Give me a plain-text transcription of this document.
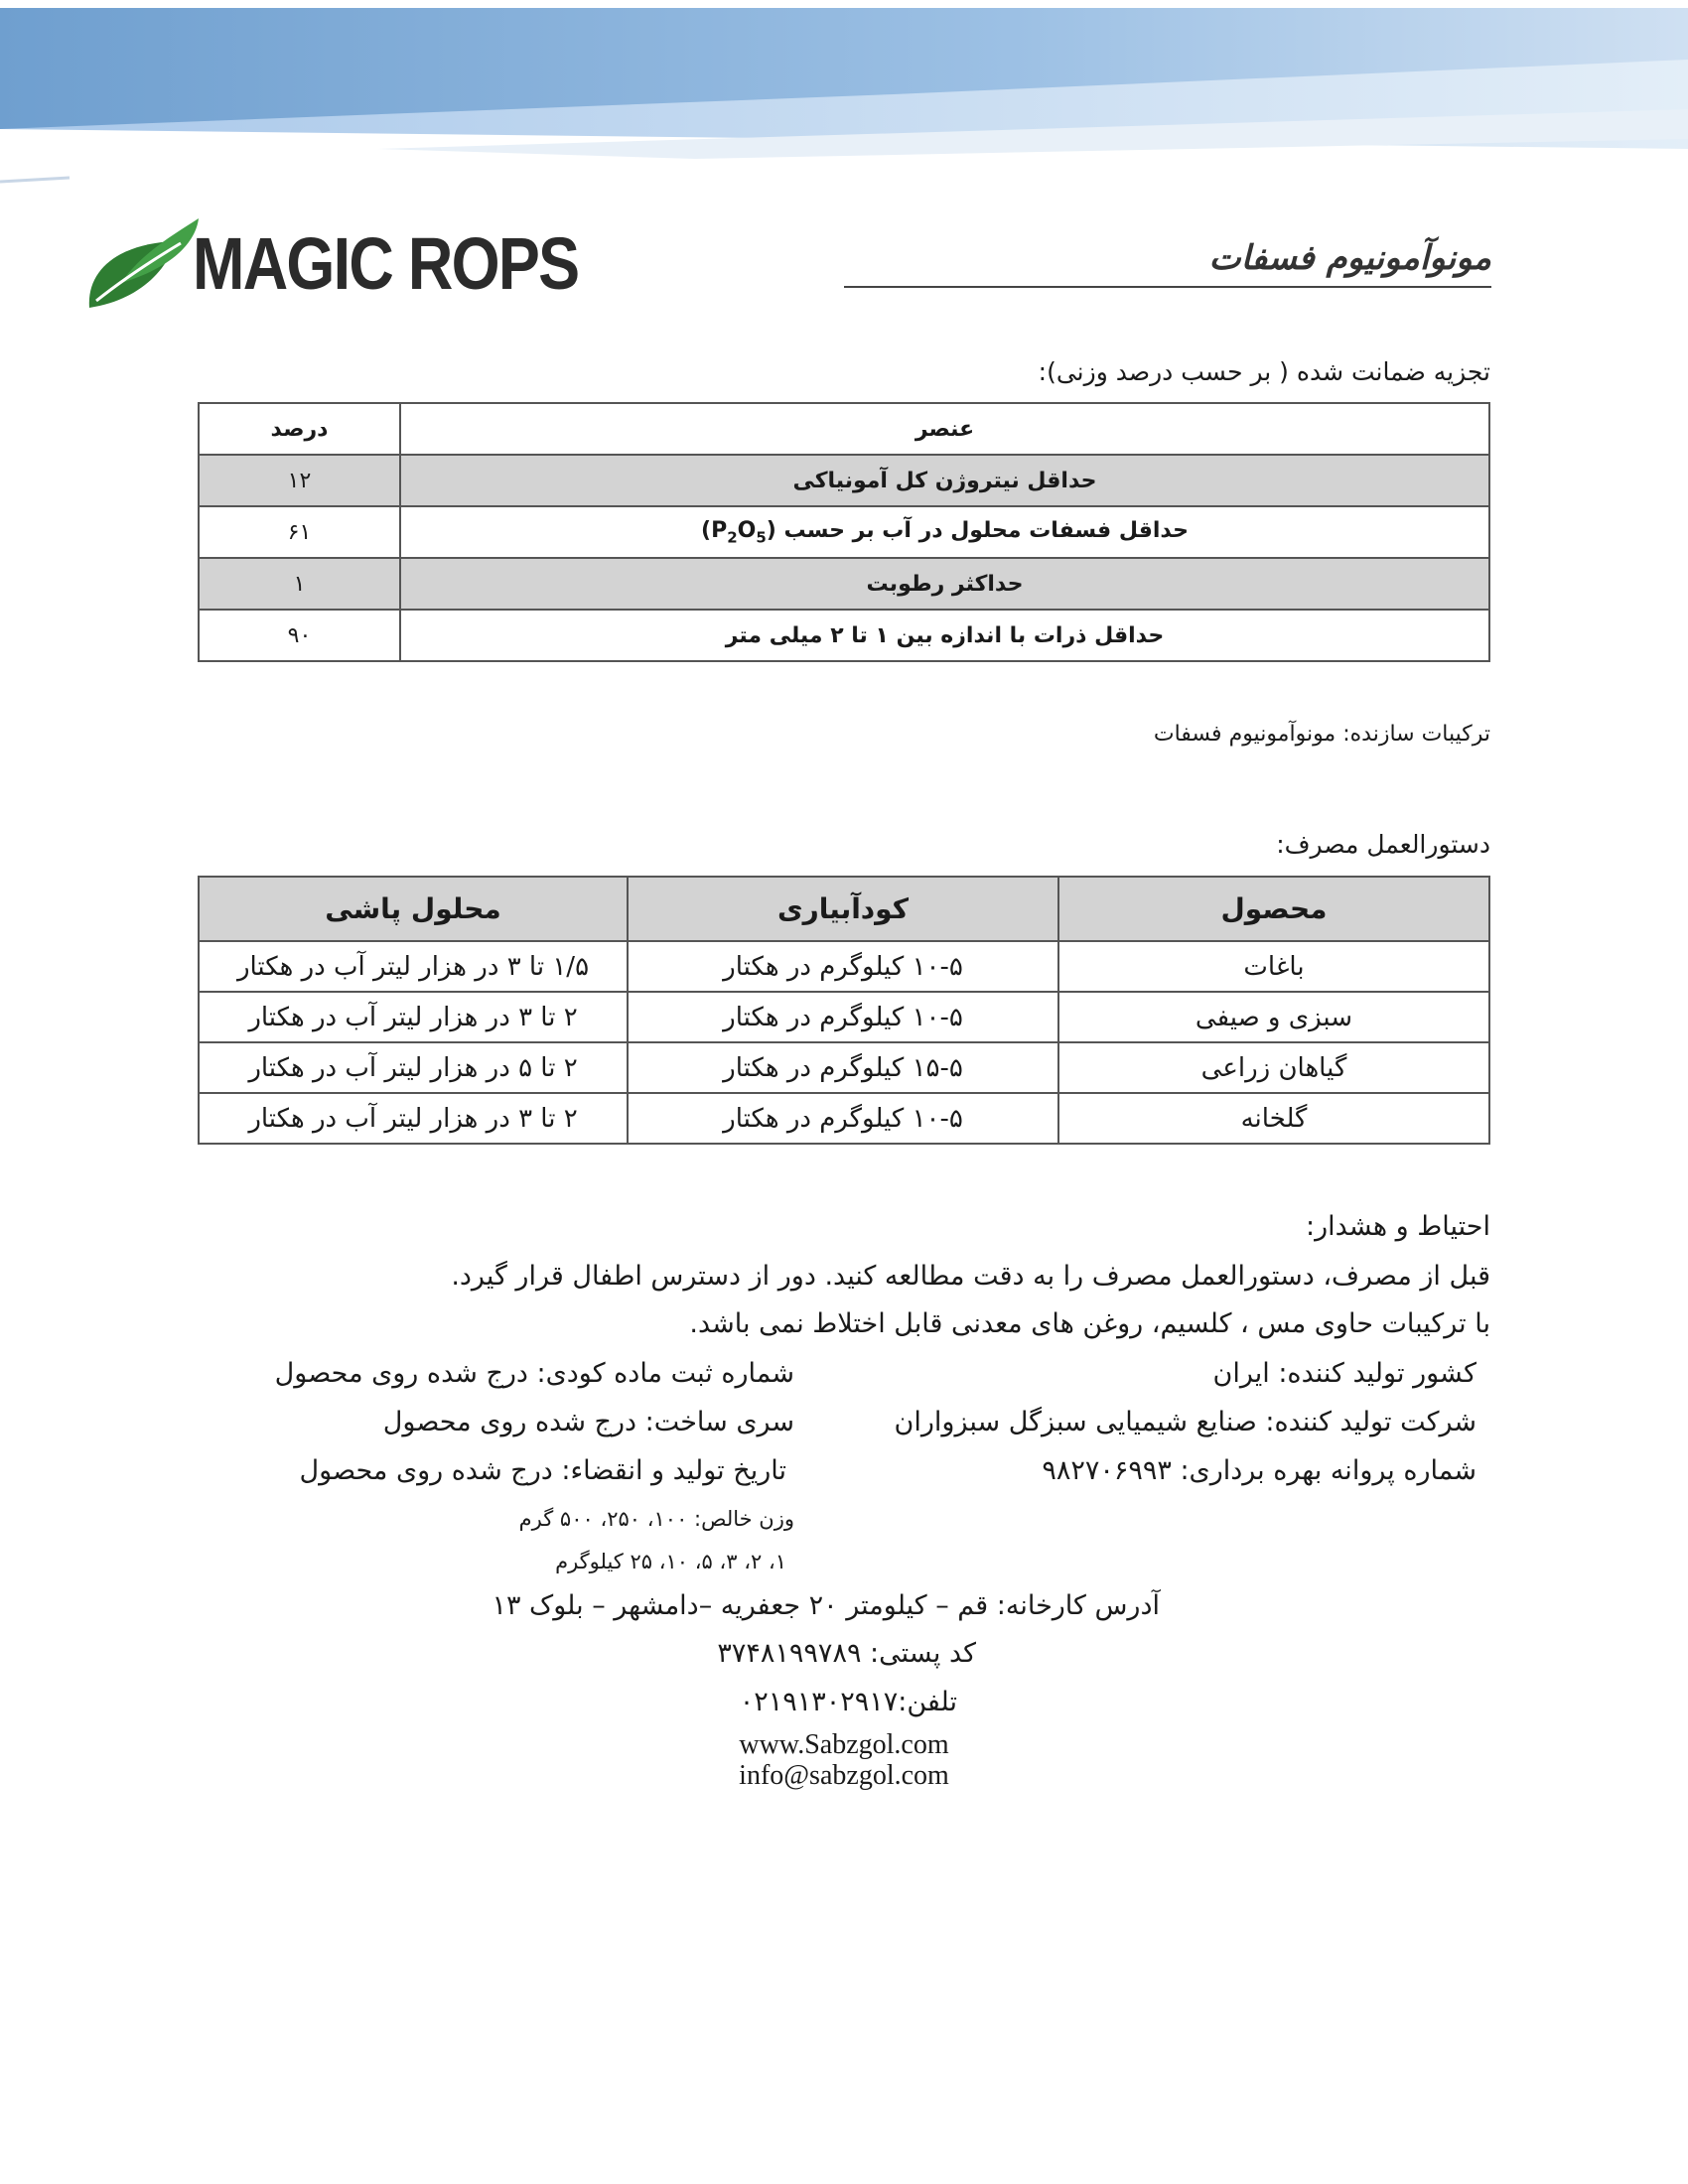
MAGIC ROPS	مونوآمونیوم فسفات
تجزیه ضمانت شده ( بر حسب درصد وزنی):
عنصر	درصد
حداقل نیتروژن کل آمونیاکی	۱۲
حداقل فسفات محلول در آب بر حسب $(P_2O_5)$	۶۱
حداکثر رطوبت	۱
حداقل ذرات با اندازه بین ۱ تا ۲ میلی متر	۹۰
ترکیبات سازنده: مونوآمونیوم فسفات
دستورالعمل مصرف:
محصول	کودآبیاری	محلول پاشی
باغات	۱۰-۵ کیلوگرم در هکتار	۱/۵ تا ۳ در هزار لیتر آب در هکتار
سبزی و صیفی	۱۰-۵ کیلوگرم در هکتار	۲ تا ۳ در هزار لیتر آب در هکتار
گیاهان زراعی	۱۵-۵ کیلوگرم در هکتار	۲ تا ۵ در هزار لیتر آب در هکتار
گلخانه	۱۰-۵ کیلوگرم در هکتار	۲ تا ۳ در هزار لیتر آب در هکتار
احتیاط و هشدار:
قبل از مصرف، دستورالعمل مصرف را به دقت مطالعه کنید. دور از دسترس اطفال قرار گیرد.
با ترکیبات حاوی مس ، کلسیم، روغن های معدنی قابل اختلاط نمی باشد.
کشور تولید کننده: ایران
شرکت تولید کننده: صنایع شیمیایی سبزگل سبزواران
شماره پروانه بهره برداری: ۹۸۲۷۰۶۹۹۳
شماره ثبت ماده کودی: درج شده روی محصول
سری ساخت: درج شده روی محصول
تاریخ تولید و انقضاء: درج شده روی محصول
وزن خالص: ۱۰۰، ۲۵۰، ۵۰۰ گرم
۱، ۲، ۳، ۵، ۱۰، ۲۵ کیلوگرم
آدرس کارخانه: قم – کیلومتر ۲۰ جعفریه –دامشهر – بلوک ۱۳
کد پستی: ۳۷۴۸۱۹۹۷۸۹
تلفن:۰۲۱۹۱۳۰۲۹۱۷
www.Sabzgol.com
info@sabzgol.com
